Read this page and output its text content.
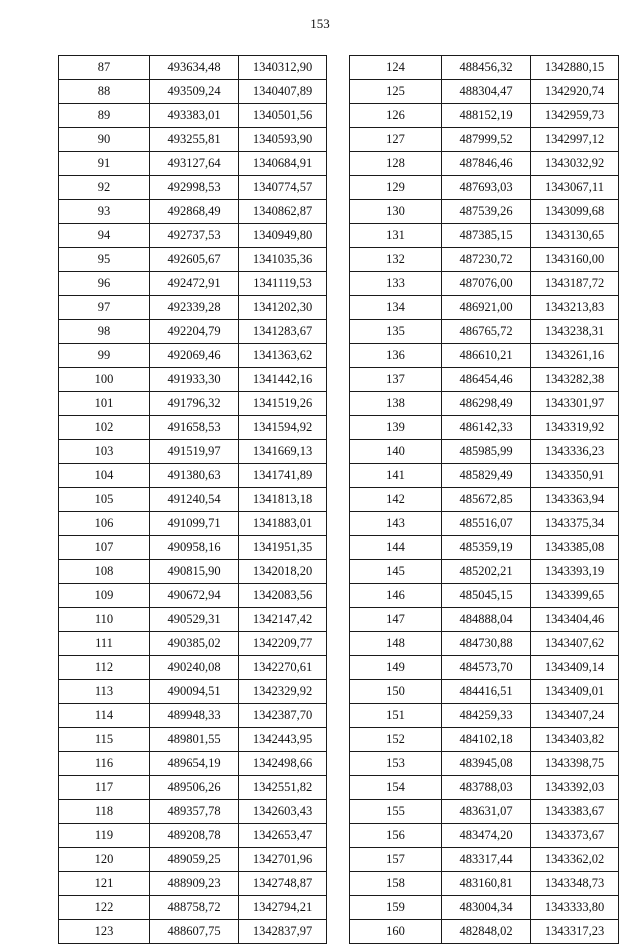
153
87	493634,48	1340312,90
88	493509,24	1340407,89
89	493383,01	1340501,56
90	493255,81	1340593,90
91	493127,64	1340684,91
92	492998,53	1340774,57
93	492868,49	1340862,87
94	492737,53	1340949,80
95	492605,67	1341035,36
96	492472,91	1341119,53
97	492339,28	1341202,30
98	492204,79	1341283,67
99	492069,46	1341363,62
100	491933,30	1341442,16
101	491796,32	1341519,26
102	491658,53	1341594,92
103	491519,97	1341669,13
104	491380,63	1341741,89
105	491240,54	1341813,18
106	491099,71	1341883,01
107	490958,16	1341951,35
108	490815,90	1342018,20
109	490672,94	1342083,56
110	490529,31	1342147,42
111	490385,02	1342209,77
112	490240,08	1342270,61
113	490094,51	1342329,92
114	489948,33	1342387,70
115	489801,55	1342443,95
116	489654,19	1342498,66
117	489506,26	1342551,82
118	489357,78	1342603,43
119	489208,78	1342653,47
120	489059,25	1342701,96
121	488909,23	1342748,87
122	488758,72	1342794,21
123	488607,75	1342837,97
124	488456,32	1342880,15
125	488304,47	1342920,74
126	488152,19	1342959,73
127	487999,52	1342997,12
128	487846,46	1343032,92
129	487693,03	1343067,11
130	487539,26	1343099,68
131	487385,15	1343130,65
132	487230,72	1343160,00
133	487076,00	1343187,72
134	486921,00	1343213,83
135	486765,72	1343238,31
136	486610,21	1343261,16
137	486454,46	1343282,38
138	486298,49	1343301,97
139	486142,33	1343319,92
140	485985,99	1343336,23
141	485829,49	1343350,91
142	485672,85	1343363,94
143	485516,07	1343375,34
144	485359,19	1343385,08
145	485202,21	1343393,19
146	485045,15	1343399,65
147	484888,04	1343404,46
148	484730,88	1343407,62
149	484573,70	1343409,14
150	484416,51	1343409,01
151	484259,33	1343407,24
152	484102,18	1343403,82
153	483945,08	1343398,75
154	483788,03	1343392,03
155	483631,07	1343383,67
156	483474,20	1343373,67
157	483317,44	1343362,02
158	483160,81	1343348,73
159	483004,34	1343333,80
160	482848,02	1343317,23
